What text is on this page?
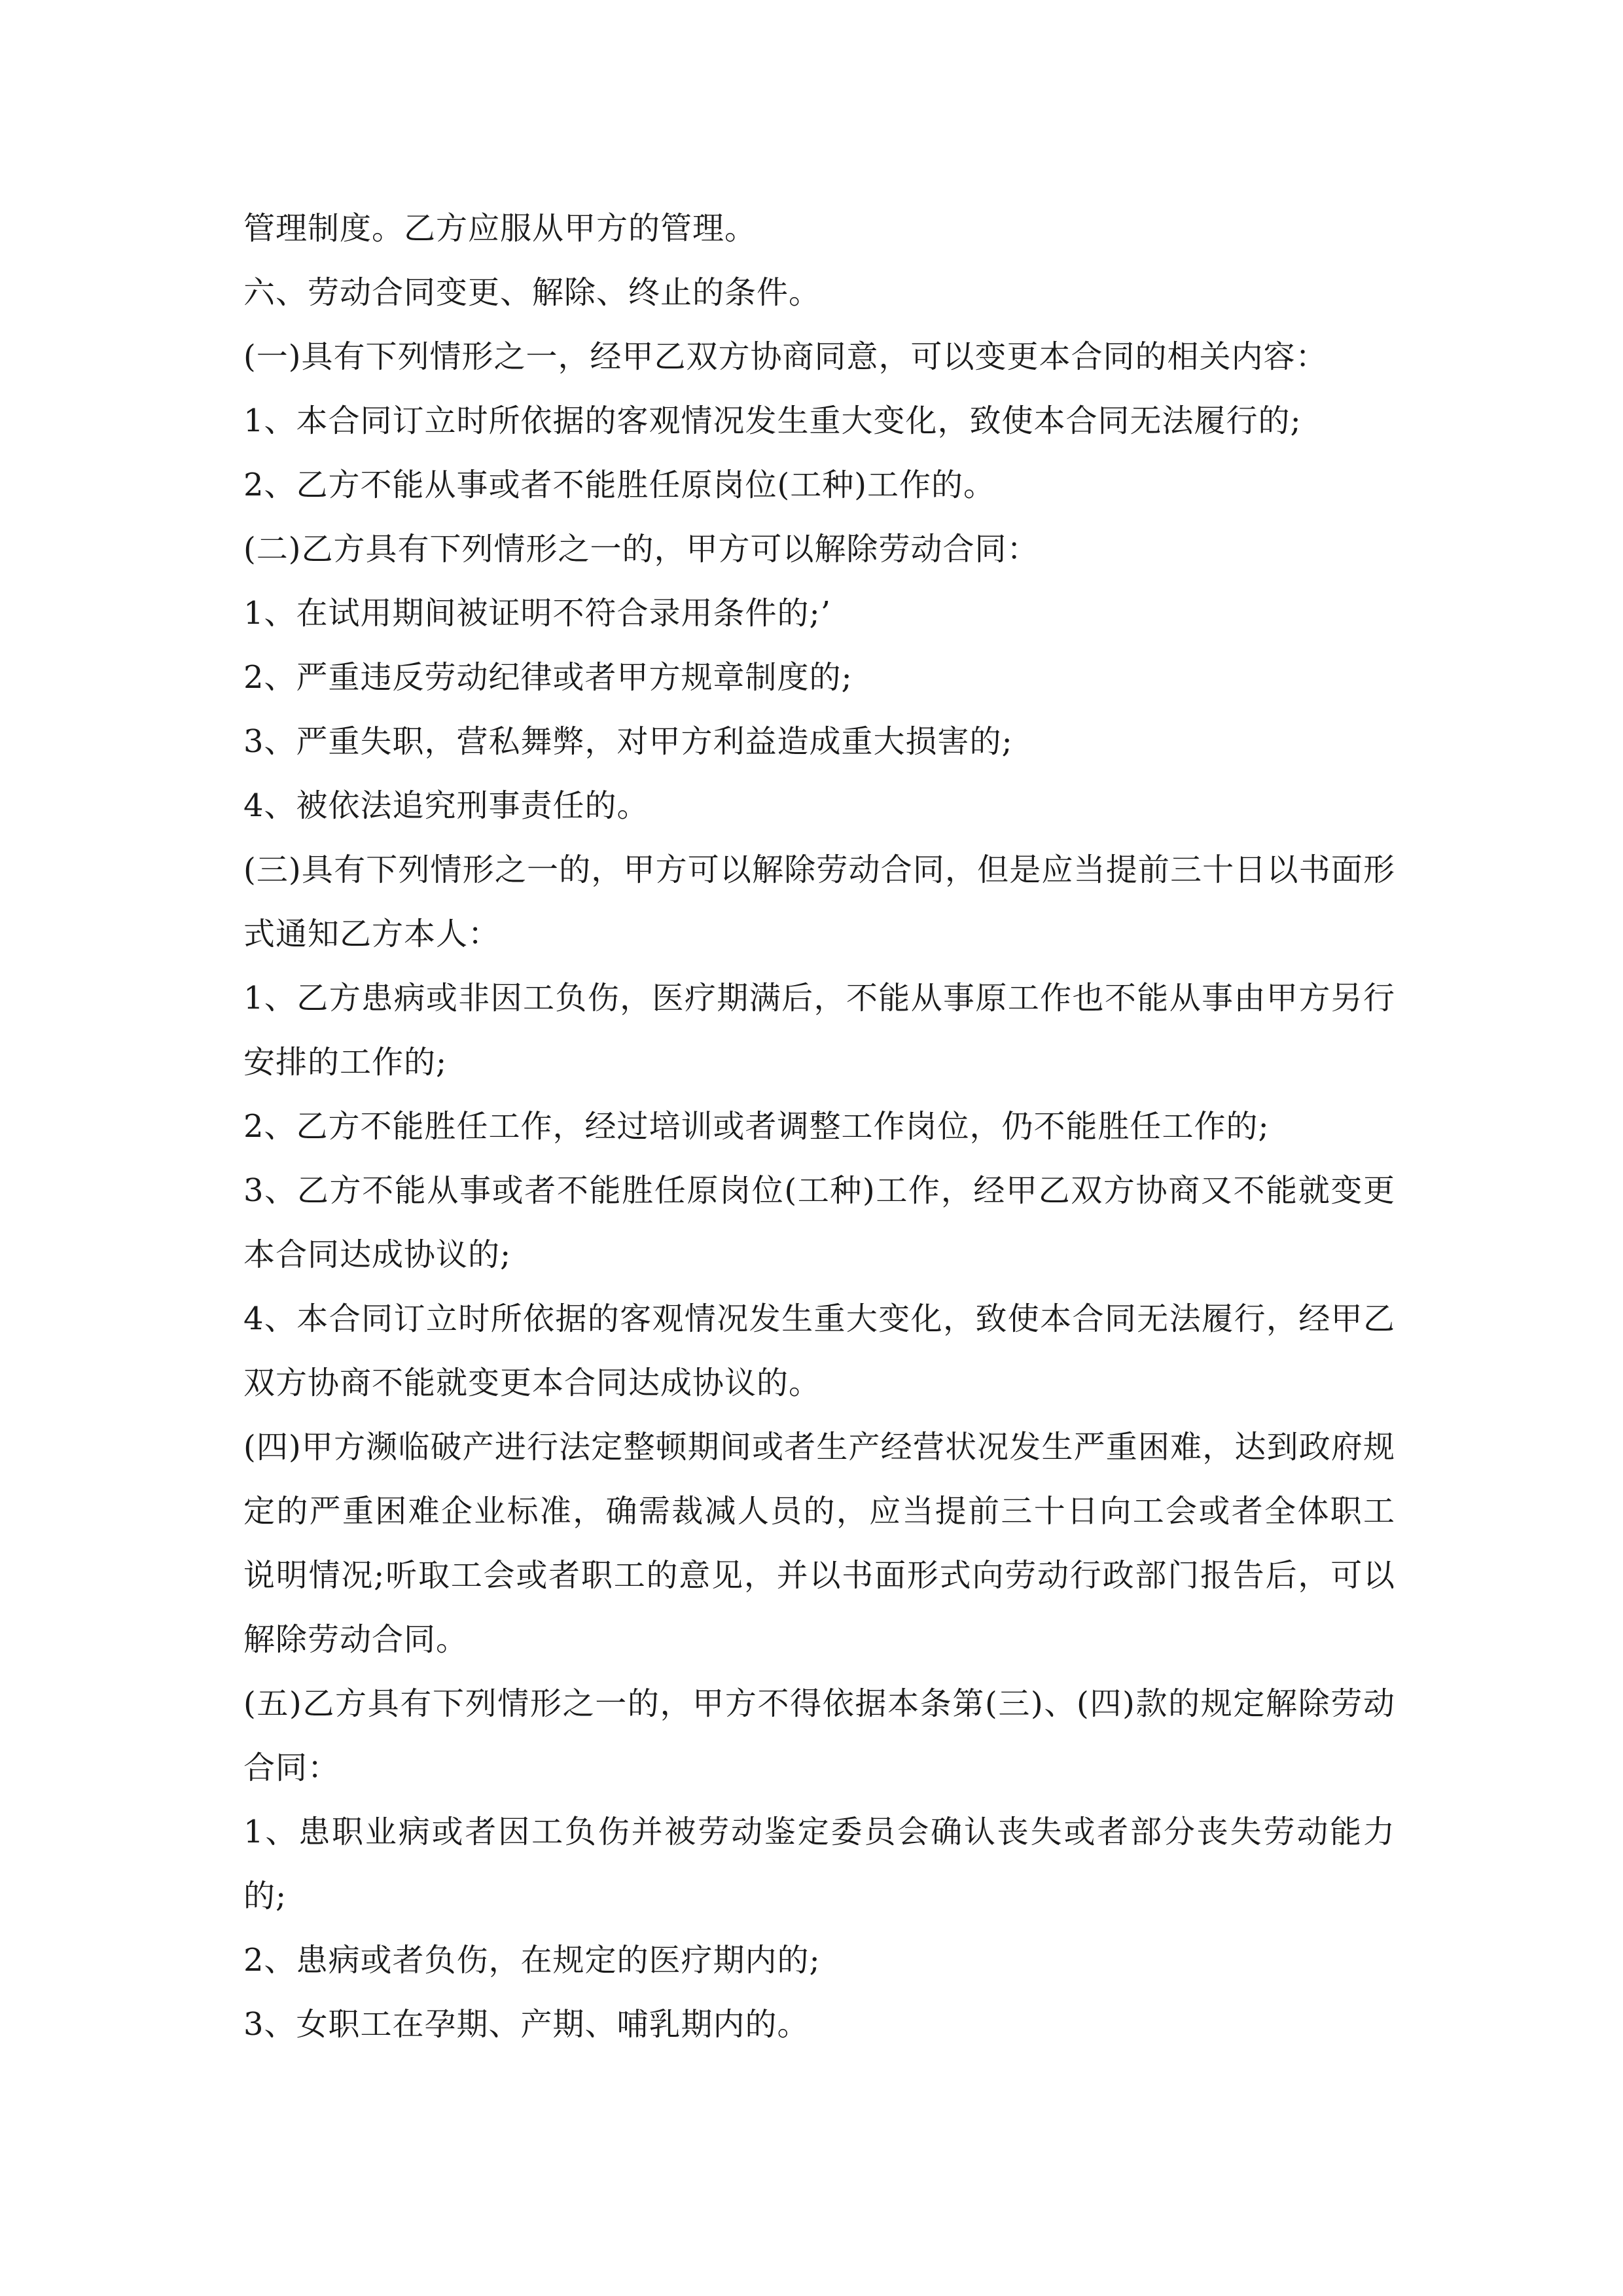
管理制度。乙方应服从甲方的管理。

六、劳动合同变更、解除、终止的条件。

(一)具有下列情形之一，经甲乙双方协商同意，可以变更本合同的相关内容：

1、本合同订立时所依据的客观情况发生重大变化，致使本合同无法履行的;

2、乙方不能从事或者不能胜任原岗位(工种)工作的。

(二)乙方具有下列情形之一的，甲方可以解除劳动合同：

1、在试用期间被证明不符合录用条件的;’

2、严重违反劳动纪律或者甲方规章制度的;

3、严重失职，营私舞弊，对甲方利益造成重大损害的;

4、被依法追究刑事责任的。

(三)具有下列情形之一的，甲方可以解除劳动合同，但是应当提前三十日以书面形式通知乙方本人：

1、乙方患病或非因工负伤，医疗期满后，不能从事原工作也不能从事由甲方另行安排的工作的;

2、乙方不能胜任工作，经过培训或者调整工作岗位，仍不能胜任工作的;

3、乙方不能从事或者不能胜任原岗位(工种)工作，经甲乙双方协商又不能就变更本合同达成协议的;

4、本合同订立时所依据的客观情况发生重大变化，致使本合同无法履行，经甲乙双方协商不能就变更本合同达成协议的。

(四)甲方濒临破产进行法定整顿期间或者生产经营状况发生严重困难，达到政府规定的严重困难企业标准，确需裁减人员的，应当提前三十日向工会或者全体职工说明情况;听取工会或者职工的意见，并以书面形式向劳动行政部门报告后，可以解除劳动合同。

(五)乙方具有下列情形之一的，甲方不得依据本条第(三)、(四)款的规定解除劳动合同：

1、患职业病或者因工负伤并被劳动鉴定委员会确认丧失或者部分丧失劳动能力的;

2、患病或者负伤，在规定的医疗期内的;

3、女职工在孕期、产期、哺乳期内的。
